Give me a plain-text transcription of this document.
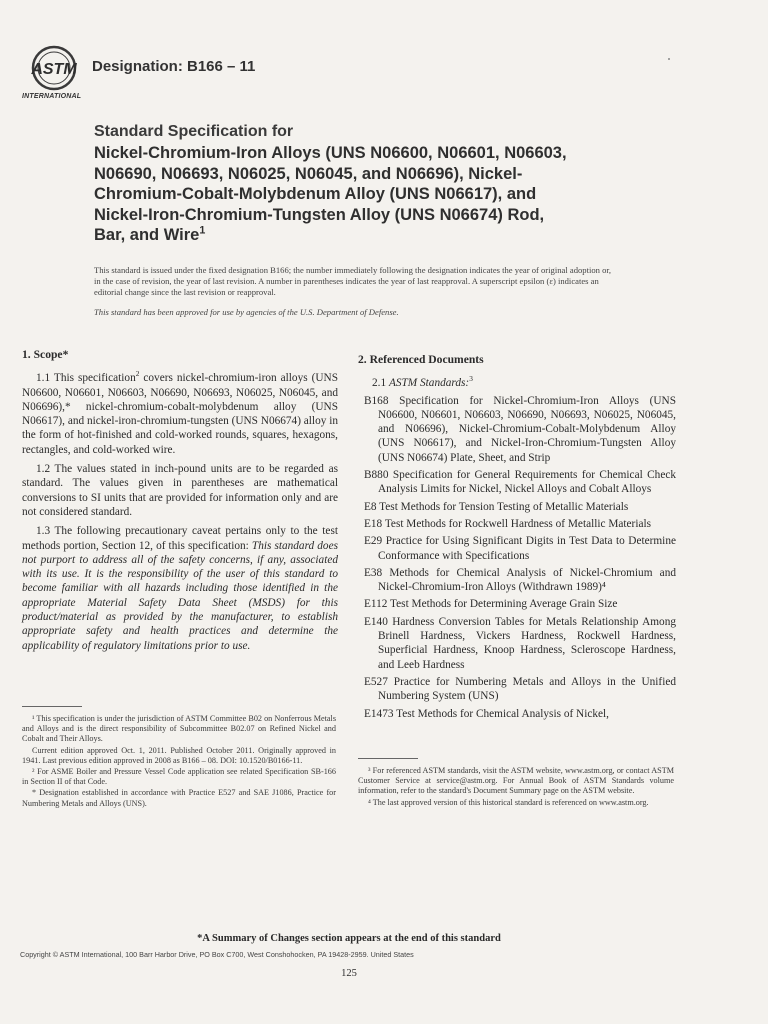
ASTM
INTERNATIONAL
Designation: B166 – 11
Standard Specification for
Nickel-Chromium-Iron Alloys (UNS N06600, N06601, N06603,
N06690, N06693, N06025, N06045, and N06696), Nickel-
Chromium-Cobalt-Molybdenum Alloy (UNS N06617), and
Nickel-Iron-Chromium-Tungsten Alloy (UNS N06674) Rod,
Bar, and Wire$^1$

This standard is issued under the fixed designation B166; the number immediately following the designation indicates the year of original adoption or, in the case of revision, the year of last revision. A number in parentheses indicates the year of last reapproval. A superscript epsilon (ε) indicates an editorial change since the last revision or reapproval.

This standard has been approved for use by agencies of the U.S. Department of Defense.

1. Scope*

1.1 This specification$^2$ covers nickel-chromium-iron alloys (UNS N06600, N06601, N06603, N06690, N06693, N06025, N06045, and N06696),* nickel-chromium-cobalt-molybdenum alloy (UNS N06617), and nickel-iron-chromium-tungsten (UNS N06674) alloy in the form of hot-finished and cold-worked rounds, squares, hexagons, rectangles, and cold-worked wire.

1.2 The values stated in inch-pound units are to be regarded as standard. The values given in parentheses are mathematical conversions to SI units that are provided for information only and are not considered standard.

1.3 The following precautionary caveat pertains only to the test methods portion, Section 12, of this specification: This standard does not purport to address all of the safety concerns, if any, associated with its use. It is the responsibility of the user of this standard to become familiar with all hazards including those identified in the appropriate Material Safety Data Sheet (MSDS) for this product/material as provided by the manufacturer, to establish appropriate safety and health practices and determine the applicability of regulatory limitations prior to use.

¹ This specification is under the jurisdiction of ASTM Committee B02 on Nonferrous Metals and Alloys and is the direct responsibility of Subcommittee B02.07 on Refined Nickel and Cobalt and Their Alloys.

Current edition approved Oct. 1, 2011. Published October 2011. Originally approved in 1941. Last previous edition approved in 2008 as B166 – 08. DOI: 10.1520/B0166-11.

² For ASME Boiler and Pressure Vessel Code application see related Specification SB-166 in Section II of that Code.

* Designation established in accordance with Practice E527 and SAE J1086, Practice for Numbering Metals and Alloys (UNS).

2. Referenced Documents

2.1 ASTM Standards:$^3$

B168 Specification for Nickel-Chromium-Iron Alloys (UNS N06600, N06601, N06603, N06690, N06693, N06025, N06045, and N06696), Nickel-Chromium-Cobalt-Molybdenum Alloy (UNS N06617), and Nickel-Iron-Chromium-Tungsten Alloy (UNS N06674) Plate, Sheet, and Strip

B880 Specification for General Requirements for Chemical Check Analysis Limits for Nickel, Nickel Alloys and Cobalt Alloys

E8 Test Methods for Tension Testing of Metallic Materials

E18 Test Methods for Rockwell Hardness of Metallic Materials

E29 Practice for Using Significant Digits in Test Data to Determine Conformance with Specifications

E38 Methods for Chemical Analysis of Nickel-Chromium and Nickel-Chromium-Iron Alloys (Withdrawn 1989)⁴

E112 Test Methods for Determining Average Grain Size

E140 Hardness Conversion Tables for Metals Relationship Among Brinell Hardness, Vickers Hardness, Rockwell Hardness, Superficial Hardness, Knoop Hardness, Scleroscope Hardness, and Leeb Hardness

E527 Practice for Numbering Metals and Alloys in the Unified Numbering System (UNS)

E1473 Test Methods for Chemical Analysis of Nickel,

³ For referenced ASTM standards, visit the ASTM website, www.astm.org, or contact ASTM Customer Service at service@astm.org. For Annual Book of ASTM Standards volume information, refer to the standard's Document Summary page on the ASTM website.

⁴ The last approved version of this historical standard is referenced on www.astm.org.

*A Summary of Changes section appears at the end of this standard
Copyright © ASTM International, 100 Barr Harbor Drive, PO Box C700, West Conshohocken, PA 19428-2959. United States
125
